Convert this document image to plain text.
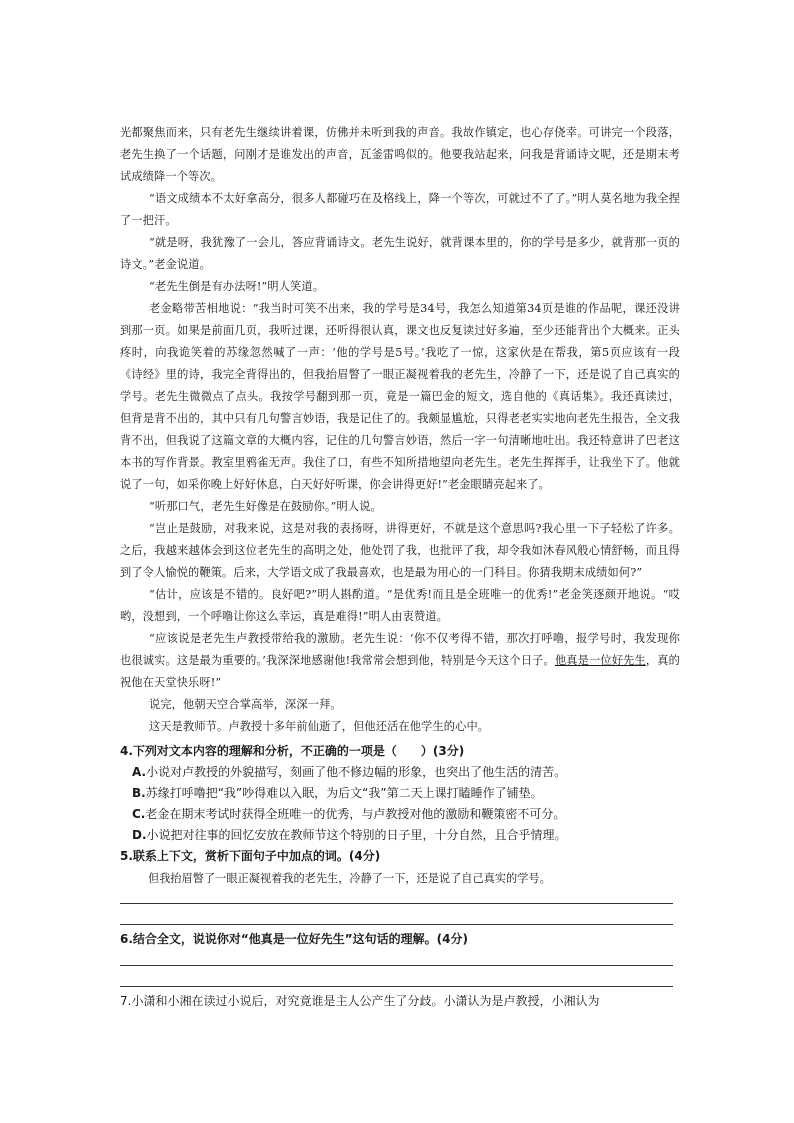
光都聚焦而来，只有老先生继续讲着课，仿佛并未听到我的声音。我故作镇定，也心存侥幸。可讲完一个段落，老先生换了一个话题，问刚才是谁发出的声音，瓦釜雷鸣似的。他要我站起来，问我是背诵诗文呢，还是期末考试成绩降一个等次。

“语文成绩本不太好拿高分，很多人都碰巧在及格线上，降一个等次，可就过不了了。”明人莫名地为我全捏了一把汗。

“就是呀，我犹豫了一会儿，答应背诵诗文。老先生说好，就背课本里的，你的学号是多少，就背那一页的诗文。”老金说道。

“老先生倒是有办法呀!”明人笑道。

老金略带苦相地说：“我当时可笑不出来，我的学号是34号，我怎么知道第34页是谁的作品呢，课还没讲到那一页。如果是前面几页，我听过课，还听得很认真，课文也反复读过好多遍，至少还能背出个大概来。正头疼时，向我诡笑着的苏缘忽然喊了一声：‘他的学号是5号。’我吃了一惊，这家伙是在帮我，第5页应该有一段《诗经》里的诗，我完全背得出的，但我抬眉瞥了一眼正凝视着我的老先生，冷静了一下，还是说了自己真实的学号。老先生微微点了点头。我按学号翻到那一页，竟是一篇巴金的短文，选自他的《真话集》。我还真读过，但背是背不出的，其中只有几句警言妙语，我是记住了的。我颇显尴尬，只得老老实实地向老先生报告，全文我背不出，但我说了这篇文章的大概内容，记住的几句警言妙语，然后一字一句清晰地吐出。我还特意讲了巴老这本书的写作背景。教室里鸦雀无声。我住了口，有些不知所措地望向老先生。老先生挥挥手，让我坐下了。他就说了一句，如采你晚上好好休息，白天好好听课，你会讲得更好!”老金眼睛亮起来了。

“听那口气，老先生好像是在鼓励你。”明人说。

“岂止是鼓励，对我来说，这是对我的表扬呀，讲得更好，不就是这个意思吗?我心里一下子轻松了许多。之后，我越来越体会到这位老先生的高明之处，他处罚了我，也批评了我，却令我如沐春风般心情舒畅，而且得到了令人愉悦的鞭策。后来，大学语文成了我最喜欢，也是最为用心的一门科目。你猜我期末成绩如何?”

“估计，应该是不错的。良好吧?”明人斟酌道。“是优秀!而且是全班唯一的优秀!”老金笑逐颜开地说。“哎哟，没想到，一个呼噜让你这么幸运，真是难得!”明人由衷赞道。

“应该说是老先生卢教授带给我的激励。老先生说：‘你不仅考得不错，那次打呼噜，报学号时，我发现你也很诚实。这是最为重要的。’我深深地感谢他!我常常会想到他，特别是今天这个日子。他真是一位好先生，真的祝他在天堂快乐呀!”

说完，他朝天空合掌高举，深深一拜。

这天是教师节。卢教授十多年前仙逝了，但他还活在他学生的心中。

4.下列对文本内容的理解和分析，不正确的一项是（　　）(3分)
A.小说对卢教授的外貌描写，刻画了他不修边幅的形象，也突出了他生活的清苦。
B.苏缘打呼噜把“我”吵得难以入眠，为后文“我”第二天上课打瞌睡作了铺垫。
C.老金在期末考试时获得全班唯一的优秀，与卢教授对他的激励和鞭策密不可分。
D.小说把对往事的回忆安放在教师节这个特别的日子里，十分自然，且合乎情理。
5.联系上下文，赏析下面句子中加点的词。(4分)
但我抬眉瞥了一眼正凝视着我的老先生，冷静了一下，还是说了自己真实的学号。
6.结合全文，说说你对“他真是一位好先生”这句话的理解。(4分)
7.小潇和小湘在读过小说后，对究竟谁是主人公产生了分歧。小潇认为是卢教授，小湘认为
